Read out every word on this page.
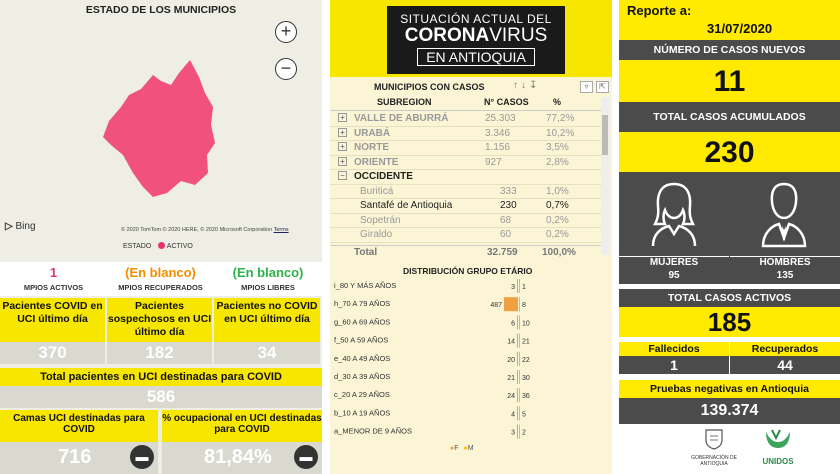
ESTADO DE LOS MUNICIPIOS
+
−
▷ Bing	© 2020 TomTom © 2020 HERE, © 2020 Microsoft Corporation Terms
ESTADO ACTIVO
1
MPIOS ACTIVOS
(En blanco)
MPIOS RECUPERADOS
(En blanco)
MPIOS LIBRES
Pacientes COVID en UCI último día
370
Pacientes sospechosos en UCI último día
182
Pacientes no COVID en UCI último día
34
Total pacientes en UCI destinadas para COVID
586
Camas UCI destinadas para COVID
716	▬
% ocupacional en UCI destinadas para COVID
81,84%	▬
SITUACIÓN ACTUAL DEL
CORONAVIRUS
EN ANTIOQUIA
MUNICIPIOS CON CASOS	↑↓↧	▿	⇱
SUBREGION	N° CASOS	%
+ VALLE DE ABURRÁ	25.303	77,2%
+ URABÁ	3.346	10,2%
+ NORTE	1.156	3,5%
+ ORIENTE	927	2,8%
− OCCIDENTE
Buriticá	333	1,0%
Santafé de Antioquia	230	0,7%
Sopetrán	68	0,2%
Giraldo	60	0,2%
Total	32.759 100,0%
DISTRIBUCIÓN GRUPO ETÁRIO
i_80 Y MÁS AÑOS	3 1
h_70 A 79 AÑOS	487	8
g_60 A 69 AÑOS	6 10
f_50 A 59 AÑOS	14 21
e_40 A 49 AÑOS	20 22
d_30 A 39 AÑOS	21 30
c_20 A 29 AÑOS	24 36
b_10 A 19 AÑOS	4 5
a_MENOR DE 9 AÑOS	3 2
●F ●M
Reporte a:
31/07/2020
NÚMERO DE CASOS NUEVOS
11
TOTAL CASOS ACUMULADOS
230
MUJERES
95
HOMBRES
135
TOTAL CASOS ACTIVOS
185
Fallecidos	Recuperados
1	44
Pruebas negativas en Antioquia
139.374
GOBERNACIÓN DE ANTIOQUIA	UNIDOS
